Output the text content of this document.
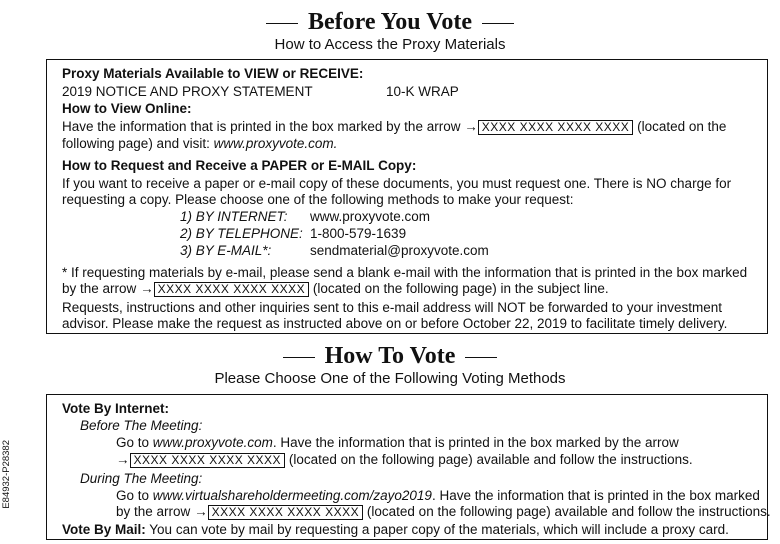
Before You Vote
How to Access the Proxy Materials
Proxy Materials Available to VIEW or RECEIVE:
2019 NOTICE AND PROXY STATEMENT	10-K WRAP
How to View Online:
Have the information that is printed in the box marked by the arrow → XXXX XXXX XXXX XXXX (located on the
following page) and visit: www.proxyvote.com.
How to Request and Receive a PAPER or E-MAIL Copy:
If you want to receive a paper or e-mail copy of these documents, you must request one. There is NO charge for
requesting a copy. Please choose one of the following methods to make your request:
1) BY INTERNET: www.proxyvote.com
2) BY TELEPHONE: 1-800-579-1639
3) BY E-MAIL*:	sendmaterial@proxyvote.com
* If requesting materials by e-mail, please send a blank e-mail with the information that is printed in the box marked
by the arrow → XXXX XXXX XXXX XXXX (located on the following page) in the subject line.
Requests, instructions and other inquiries sent to this e-mail address will NOT be forwarded to your investment
advisor. Please make the request as instructed above on or before October 22, 2019 to facilitate timely delivery.
How To Vote
Please Choose One of the Following Voting Methods
Vote By Internet:
Before The Meeting:
Go to www.proxyvote.com. Have the information that is printed in the box marked by the arrow
→ XXXX XXXX XXXX XXXX (located on the following page) available and follow the instructions.
During The Meeting:
Go to www.virtualshareholdermeeting.com/zayo2019. Have the information that is printed in the box marked
by the arrow → XXXX XXXX XXXX XXXX (located on the following page) available and follow the instructions.
Vote By Mail: You can vote by mail by requesting a paper copy of the materials, which will include a proxy card.
E84932-P28382
